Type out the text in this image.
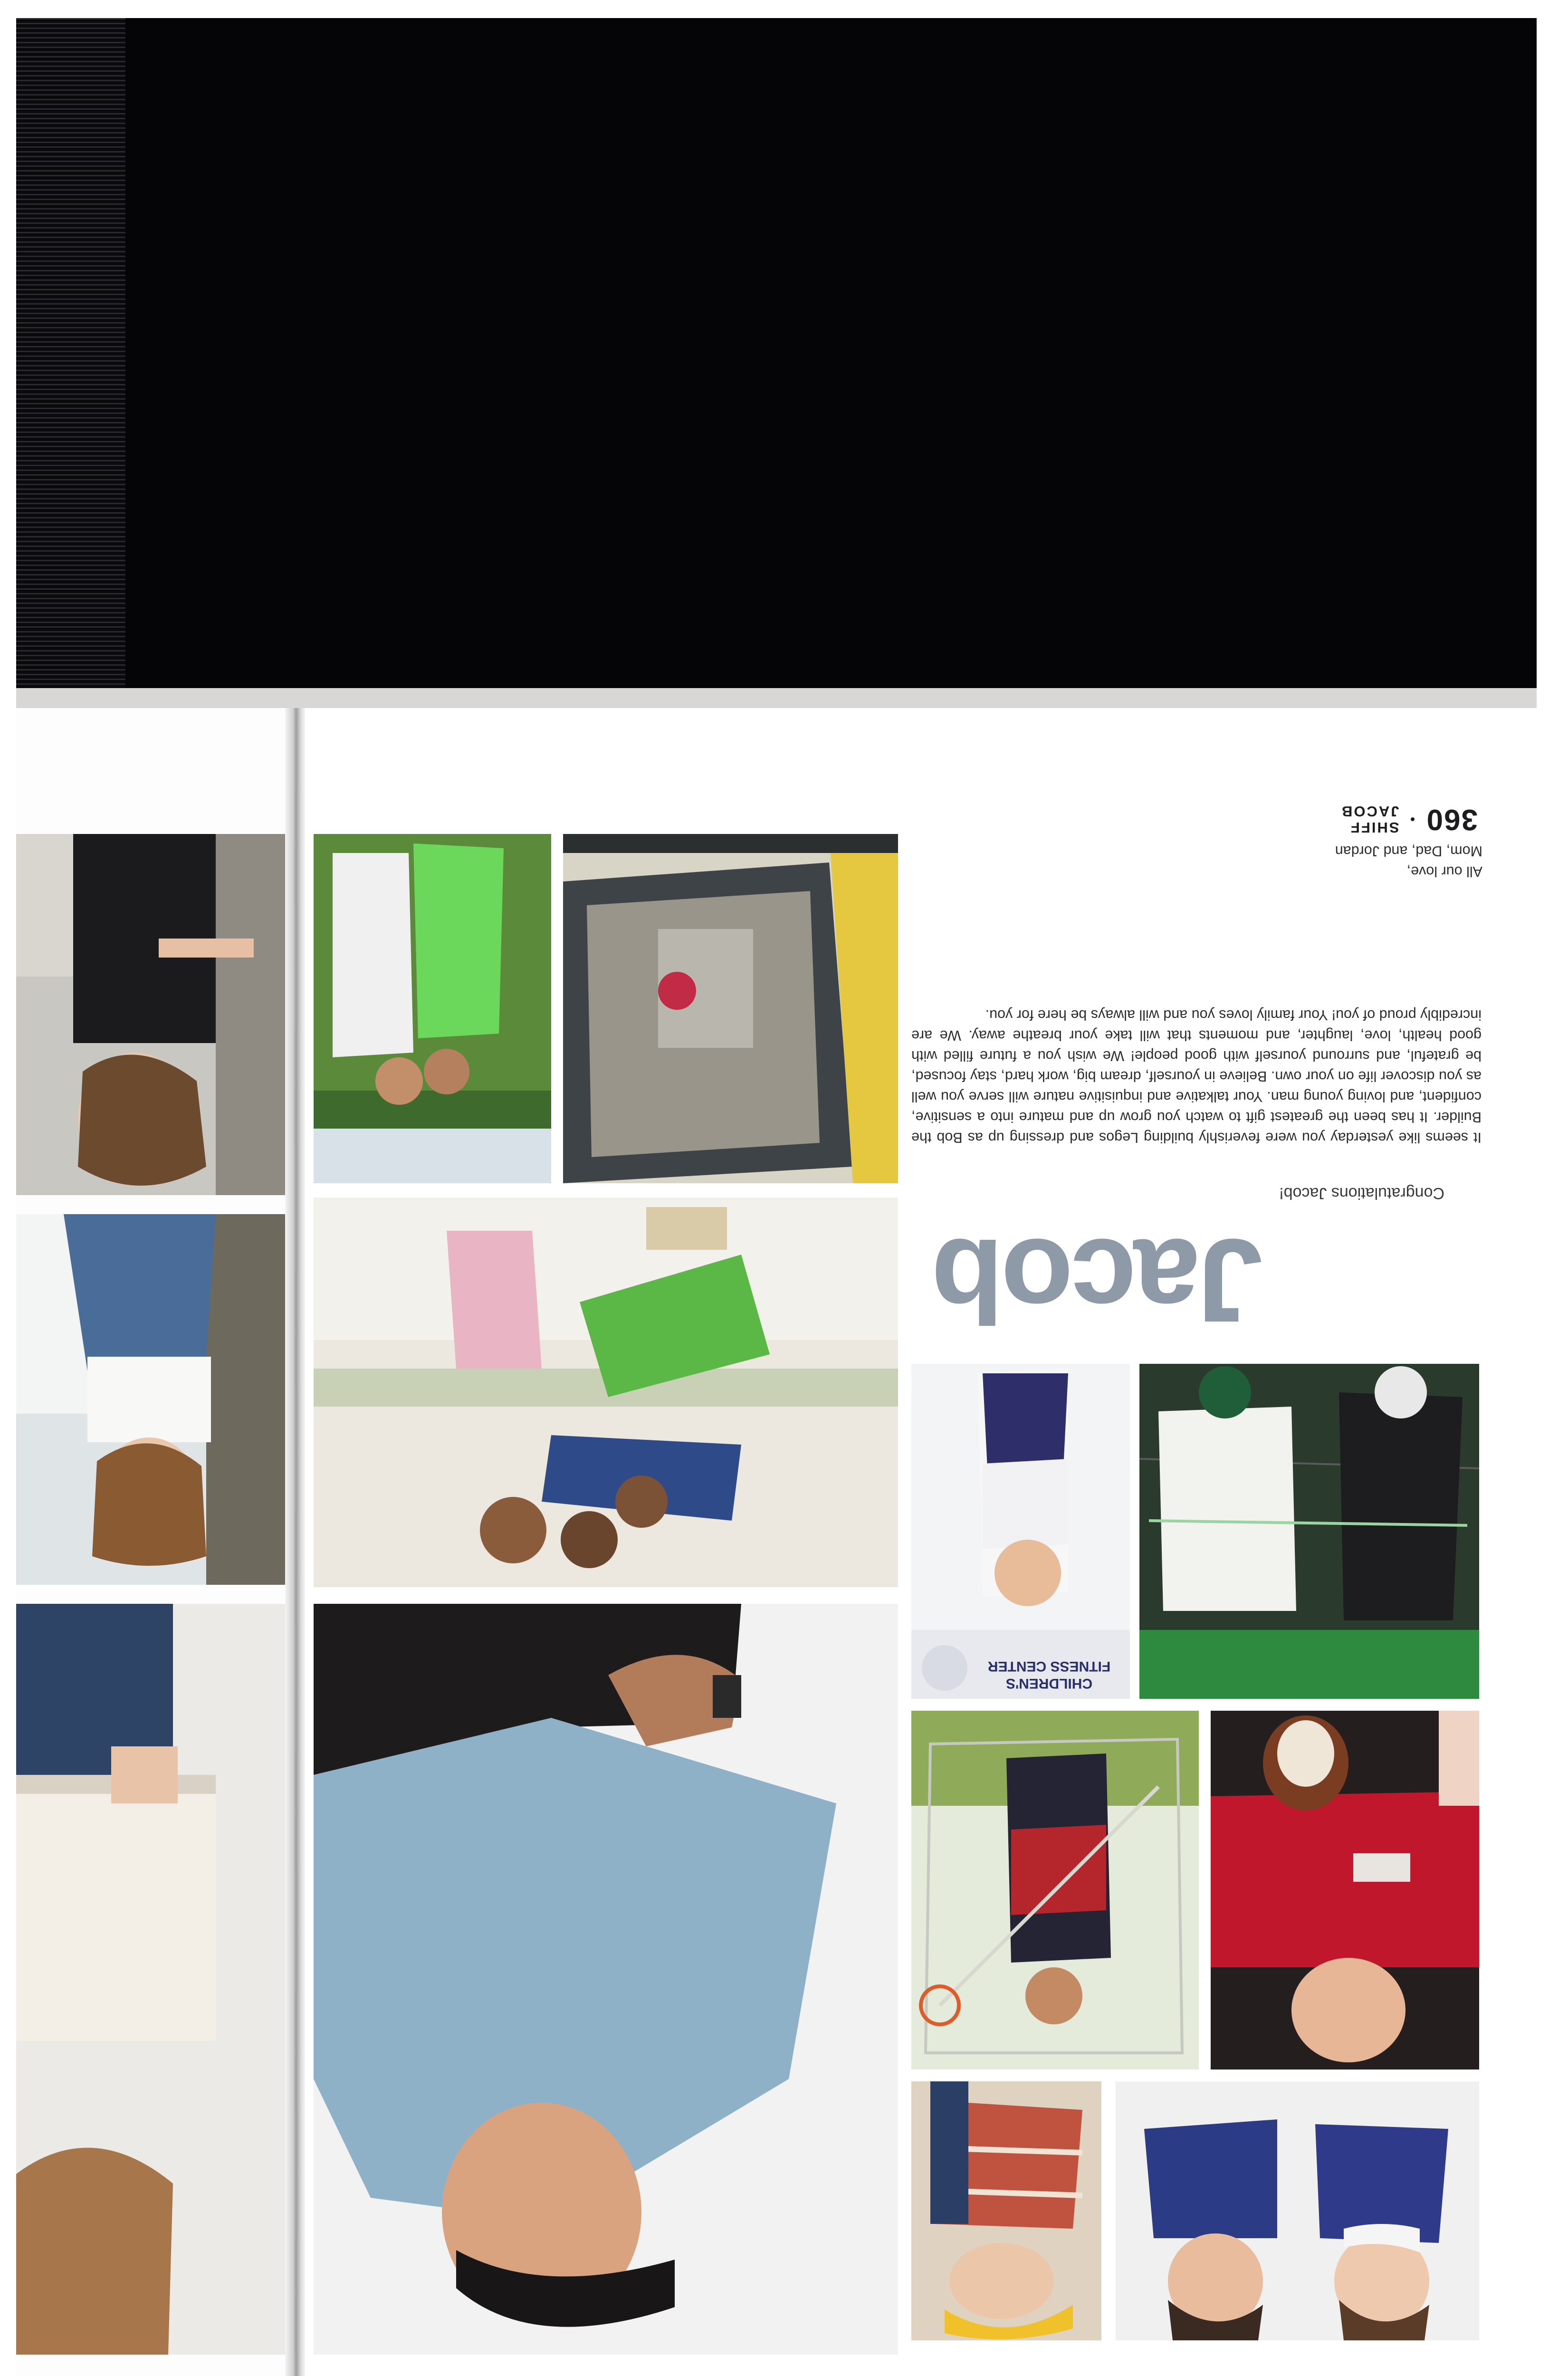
CHILDREN'S FITNESS CENTER
360
SHIFF
JACOB
It seems like yesterday you were feverishly building Legos and dressing up as Bob the Builder. It has been the greatest gift to watch you grow up and mature into a sensitive, confident, and loving young man. Your talkative and inquisitive nature will serve you well as you discover life on your own. Believe in yourself, dream big, work hard, stay focused, be grateful, and surround yourself with good people! We wish you a future filled with good health, love, laughter, and moments that will take your breathe away. We are incredibly proud of you! Your family loves you and will always be here for you.
All our love,
Mom, Dad, and Jordan
Congratulations Jacob!
Jacob
